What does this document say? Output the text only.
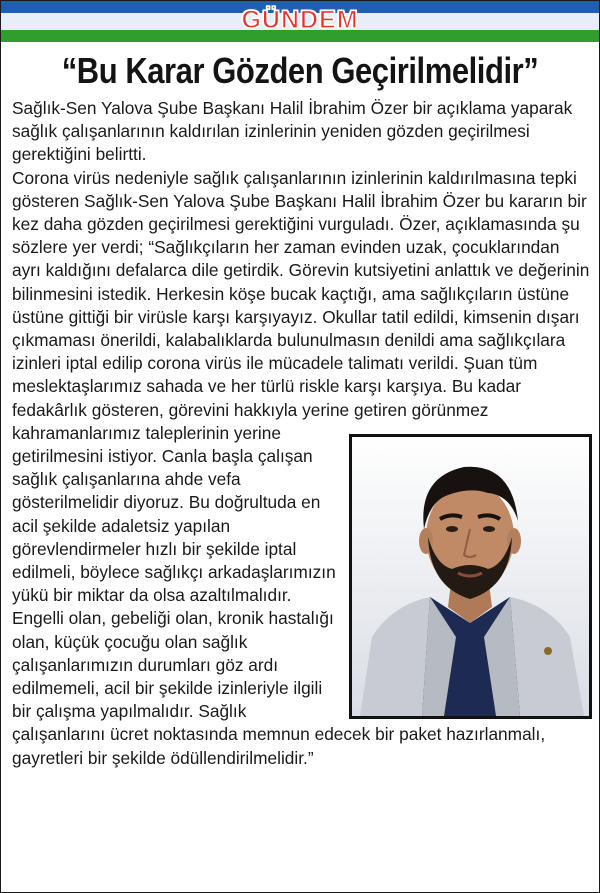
GÜNDEM
“Bu Karar Gözden Geçirilmelidir”

Sağlık-Sen Yalova Şube Başkanı Halil İbrahim Özer bir açıklama yaparak sağlık çalışanlarının kaldırılan izinlerinin yeniden gözden geçirilmesi gerektiğini belirtti.

Corona virüs nedeniyle sağlık çalışanlarının izinlerinin kaldırılmasına tepki gösteren Sağlık-Sen Yalova Şube Başkanı Halil İbrahim Özer bu kararın bir kez daha gözden geçirilmesi gerektiğini vurguladı. Özer, açıklamasında şu sözlere yer verdi; “Sağlıkçıların her zaman evinden uzak, çocuklarından ayrı kaldığını defalarca dile getirdik. Görevin kutsiyetini anlattık ve değerinin bilinmesini istedik. Herkesin köşe bucak kaçtığı, ama sağlıkçıların üstüne üstüne gittiği bir virüsle karşı karşıyayız. Okullar tatil edildi, kimsenin dışarı çıkmaması önerildi, kalabalıklarda bulunulmasın denildi ama sağlıkçılara izinleri iptal edilip corona virüs ile mücadele talimatı verildi. Şuan tüm meslektaşlarımız sahada ve her türlü riskle karşı karşıya. Bu kadar fedakârlık gösteren, görevini hakkıyla yerine getiren görünmez kahramanlarımız taleplerinin yerine getirilmesini istiyor. Canla başla çalışan sağlık çalışanlarına ahde vefa gösterilmelidir diyoruz. Bu doğrultuda en acil şekilde adaletsiz yapılan görevlendirmeler hızlı bir şekilde iptal edilmeli, böylece sağlıkçı arkadaşlarımızın yükü bir miktar da olsa azaltılmalıdır. Engelli olan, gebeliği olan, kronik hastalığı olan, küçük çocuğu olan sağlık çalışanlarımızın durumları göz ardı edilmemeli, acil bir şekilde izinleriyle ilgili bir çalışma yapılmalıdır. Sağlık çalışanlarını ücret noktasında memnun edecek bir paket hazırlanmalı, gayretleri bir şekilde ödüllendirilmelidir.”
